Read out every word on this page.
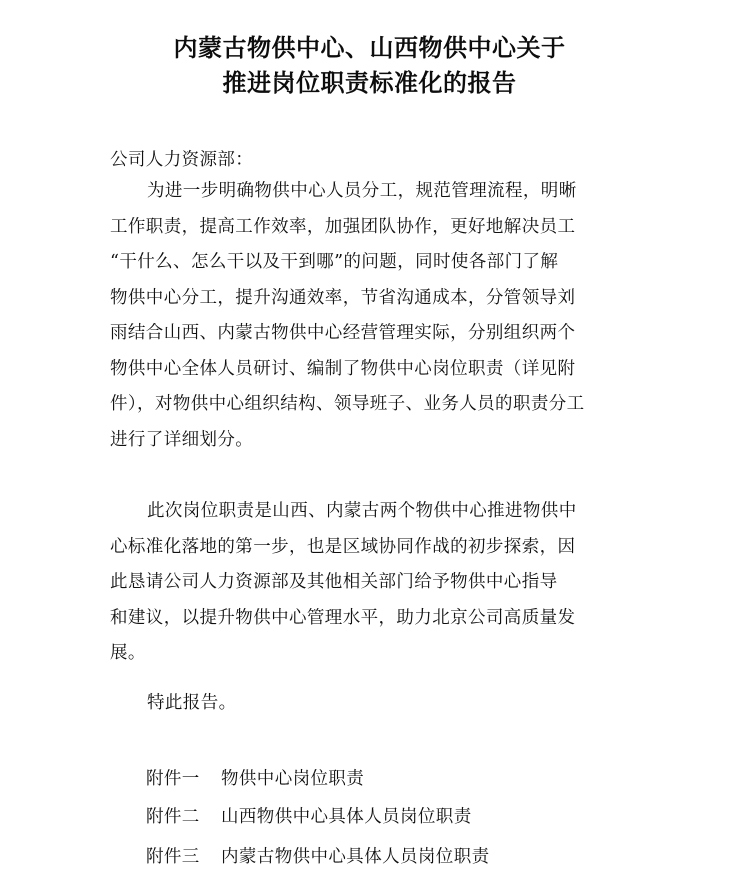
内蒙古物供中心、山西物供中心关于
推进岗位职责标准化的报告
公司人力资源部：
为进一步明确物供中心人员分工，规范管理流程，明晰
工作职责，提高工作效率，加强团队协作，更好地解决员工
“干什么、怎么干以及干到哪”的问题，同时使各部门了解
物供中心分工，提升沟通效率，节省沟通成本，分管领导刘
雨结合山西、内蒙古物供中心经营管理实际，分别组织两个
物供中心全体人员研讨、编制了物供中心岗位职责（详见附
件），对物供中心组织结构、领导班子、业务人员的职责分工
进行了详细划分。
此次岗位职责是山西、内蒙古两个物供中心推进物供中
心标准化落地的第一步，也是区域协同作战的初步探索，因
此恳请公司人力资源部及其他相关部门给予物供中心指导
和建议，以提升物供中心管理水平，助力北京公司高质量发
展。
特此报告。
附件一 物供中心岗位职责
附件二 山西物供中心具体人员岗位职责
附件三 内蒙古物供中心具体人员岗位职责
